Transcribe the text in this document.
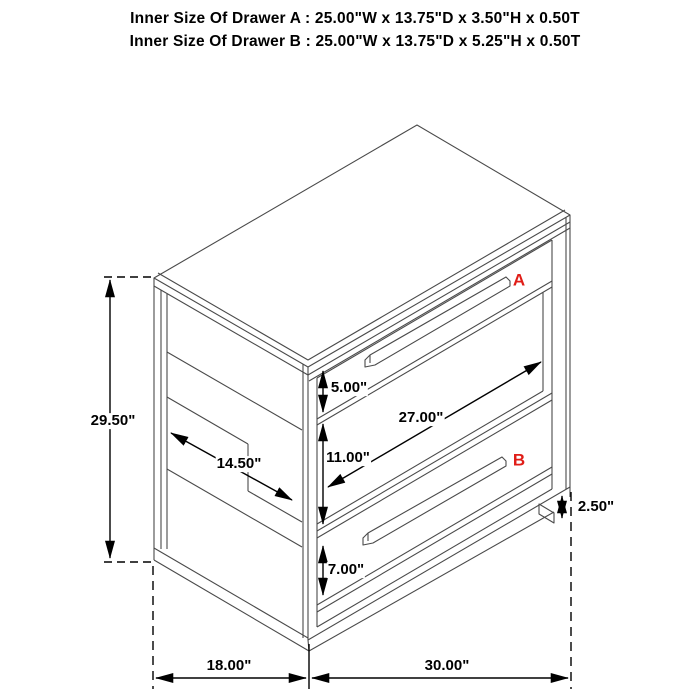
Inner Size Of Drawer A : 25.00"W x 13.75"D x 3.50"H x 0.50T
Inner Size Of Drawer B : 25.00"W x 13.75"D x 5.25"H x 0.50T
29.50"
14.50"
5.00"
27.00"
11.00"
7.00"
2.50"
18.00"	30.00"
A
B
